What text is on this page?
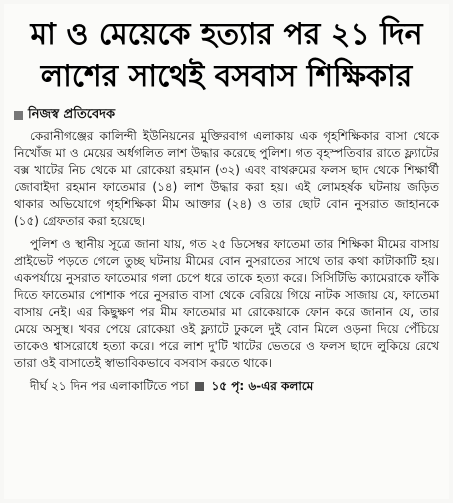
মা ও মেয়েকে হত্যার পর ২১ দিন
লাশের সাথেই বসবাস শিক্ষিকার
নিজস্ব প্রতিবেদক

কেরানীগঞ্জের কালিন্দী ইউনিয়নের মুক্তিরবাগ এলাকায় এক গৃহশিক্ষিকার বাসা থেকে নিখোঁজ মা ও মেয়ের অর্ধগলিত লাশ উদ্ধার করেছে পুলিশ। গত বৃহস্পতিবার রাতে ফ্ল্যাটের বক্স খাটের নিচ থেকে মা রোকেয়া রহমান (৩২) এবং বাথরুমের ফলস ছাদ থেকে শিক্ষার্থী জোবাইদা রহমান ফাতেমার (১৪) লাশ উদ্ধার করা হয়। এই লোমহর্ষক ঘটনায় জড়িত থাকার অভিযোগে গৃহশিক্ষিকা মীম আক্তার (২৪) ও তার ছোট বোন নুসরাত জাহানকে (১৫) গ্রেফতার করা হয়েছে।

পুলিশ ও স্থানীয় সূত্রে জানা যায়, গত ২৫ ডিসেম্বর ফাতেমা তার শিক্ষিকা মীমের বাসায় প্রাইভেট পড়তে গেলে তুচ্ছ ঘটনায় মীমের বোন নুসরাতের সাথে তার কথা কাটাকাটি হয়। একপর্যায়ে নুসরাত ফাতেমার গলা চেপে ধরে তাকে হত্যা করে। সিসিটিভি ক্যামেরাকে ফাঁকি দিতে ফাতেমার পোশাক পরে নুসরাত বাসা থেকে বেরিয়ে গিয়ে নাটক সাজায় যে, ফাতেমা বাসায় নেই। এর কিছুক্ষণ পর মীম ফাতেমার মা রোকেয়াকে ফোন করে জানান যে, তার মেয়ে অসুস্থ। খবর পেয়ে রোকেয়া ওই ফ্ল্যাটে ঢুকলে দুই বোন মিলে ওড়না দিয়ে পেঁচিয়ে তাকেও শ্বাসরোধে হত্যা করে। পরে লাশ দু'টি খাটের ভেতরে ও ফলস ছাদে লুকিয়ে রেখে তারা ওই বাসাতেই স্বাভাবিকভাবে বসবাস করতে থাকে।

দীর্ঘ ২১ দিন পর এলাকাটিতে পচা ১৫ পৃ: ৬-এর কলামে
